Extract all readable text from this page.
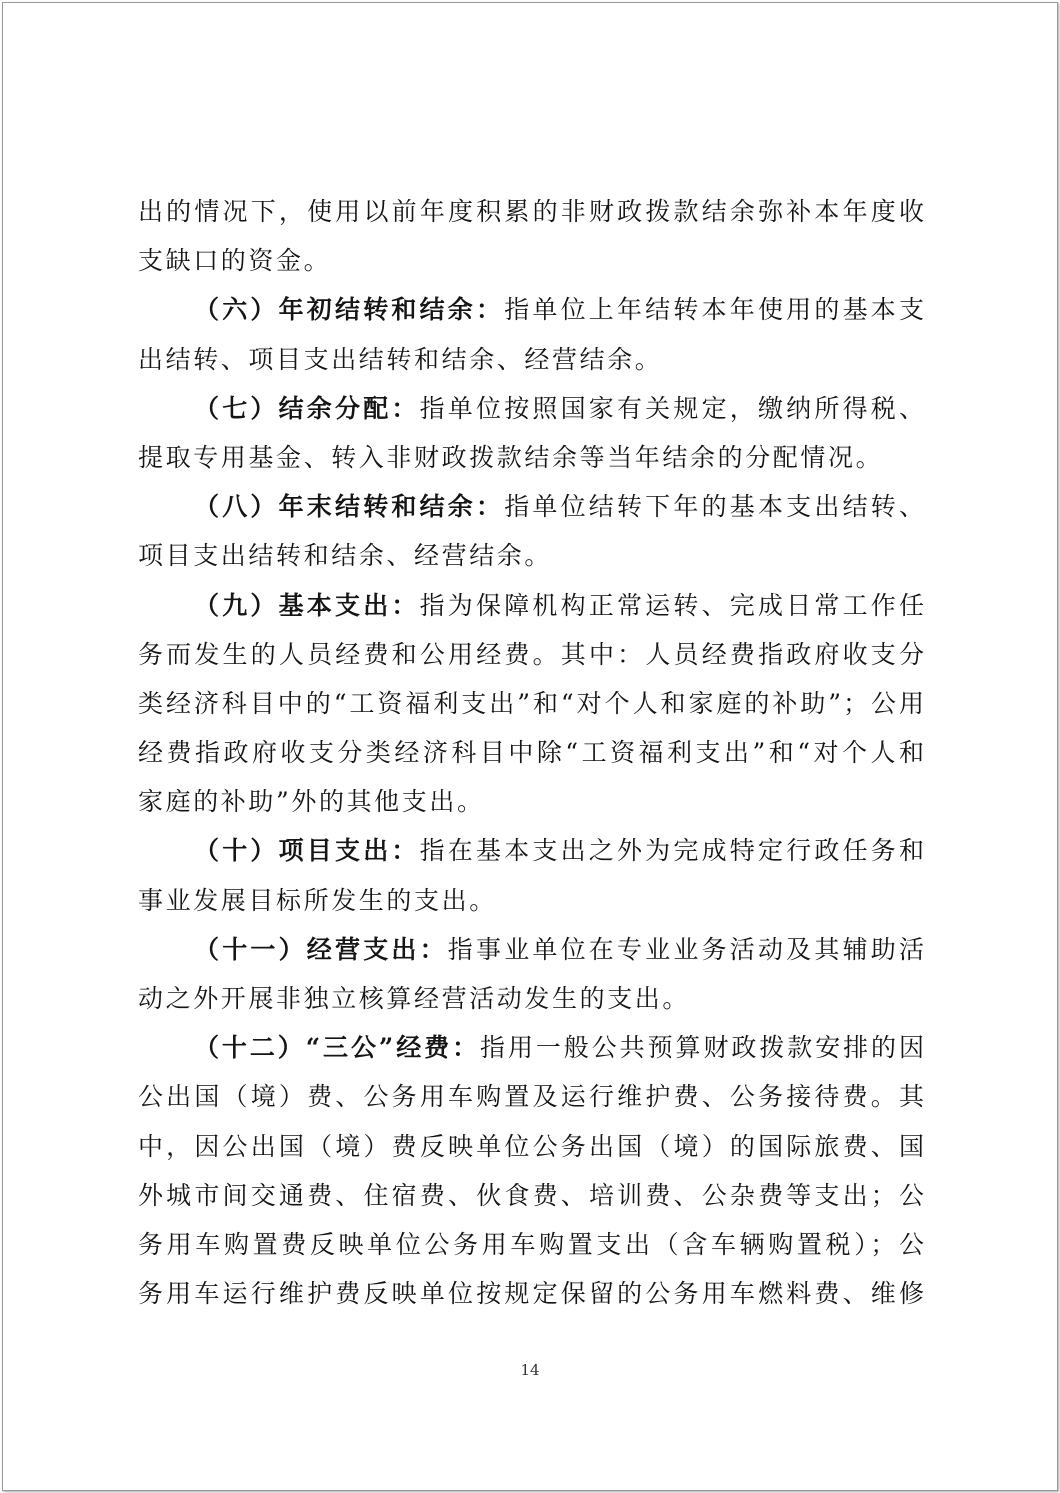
出的情况下，使用以前年度积累的非财政拨款结余弥补本年度收
支缺口的资金。
（六）年初结转和结余：指单位上年结转本年使用的基本支
出结转、项目支出结转和结余、经营结余。
（七）结余分配：指单位按照国家有关规定，缴纳所得税、
提取专用基金、转入非财政拨款结余等当年结余的分配情况。
（八）年末结转和结余：指单位结转下年的基本支出结转、
项目支出结转和结余、经营结余。
（九）基本支出：指为保障机构正常运转、完成日常工作任
务而发生的人员经费和公用经费。其中：人员经费指政府收支分
类经济科目中的“工资福利支出”和“对个人和家庭的补助”；公用
经费指政府收支分类经济科目中除“工资福利支出”和“对个人和
家庭的补助”外的其他支出。
（十）项目支出：指在基本支出之外为完成特定行政任务和
事业发展目标所发生的支出。
（十一）经营支出：指事业单位在专业业务活动及其辅助活
动之外开展非独立核算经营活动发生的支出。
（十二）“三公”经费：指用一般公共预算财政拨款安排的因
公出国（境）费、公务用车购置及运行维护费、公务接待费。其
中，因公出国（境）费反映单位公务出国（境）的国际旅费、国
外城市间交通费、住宿费、伙食费、培训费、公杂费等支出；公
务用车购置费反映单位公务用车购置支出（含车辆购置税）；公
务用车运行维护费反映单位按规定保留的公务用车燃料费、维修
14
